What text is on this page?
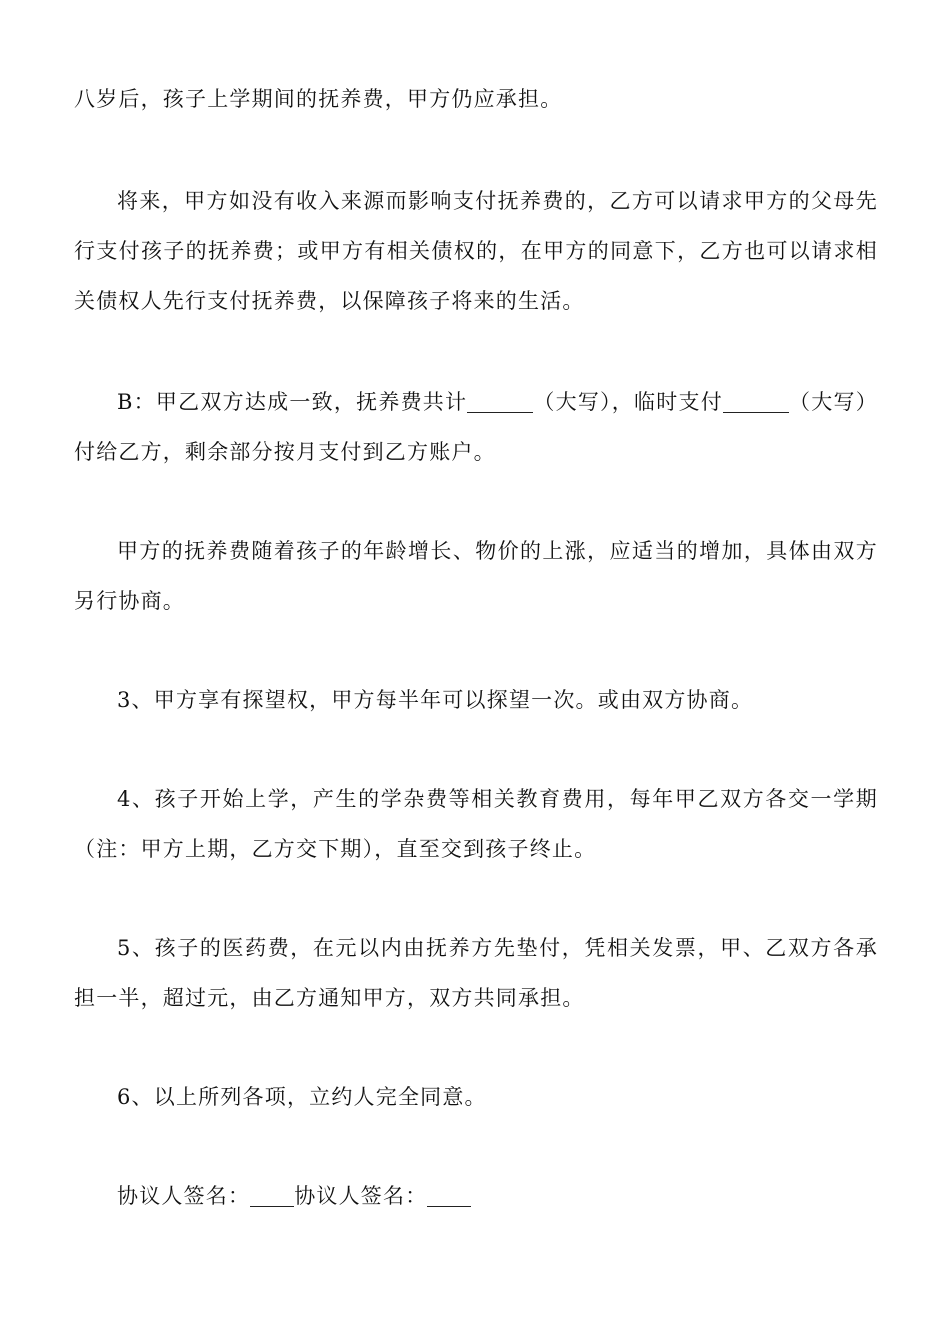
八岁后，孩子上学期间的抚养费，甲方仍应承担。

将来，甲方如没有收入来源而影响支付抚养费的，乙方可以请求甲方的父母先行支付孩子的抚养费；或甲方有相关债权的，在甲方的同意下，乙方也可以请求相关债权人先行支付抚养费，以保障孩子将来的生活。

B：甲乙双方达成一致，抚养费共计	（大写），临时支付	（大写）付给乙方，剩余部分按月支付到乙方账户。

甲方的抚养费随着孩子的年龄增长、物价的上涨，应适当的增加，具体由双方另行协商。

3、甲方享有探望权，甲方每半年可以探望一次。或由双方协商。

4、孩子开始上学，产生的学杂费等相关教育费用，每年甲乙双方各交一学期（注：甲方上期，乙方交下期），直至交到孩子终止。

5、孩子的医药费，在元以内由抚养方先垫付，凭相关发票，甲、乙双方各承担一半，超过元，由乙方通知甲方，双方共同承担。

6、以上所列各项，立约人完全同意。

协议人签名： 协议人签名：
